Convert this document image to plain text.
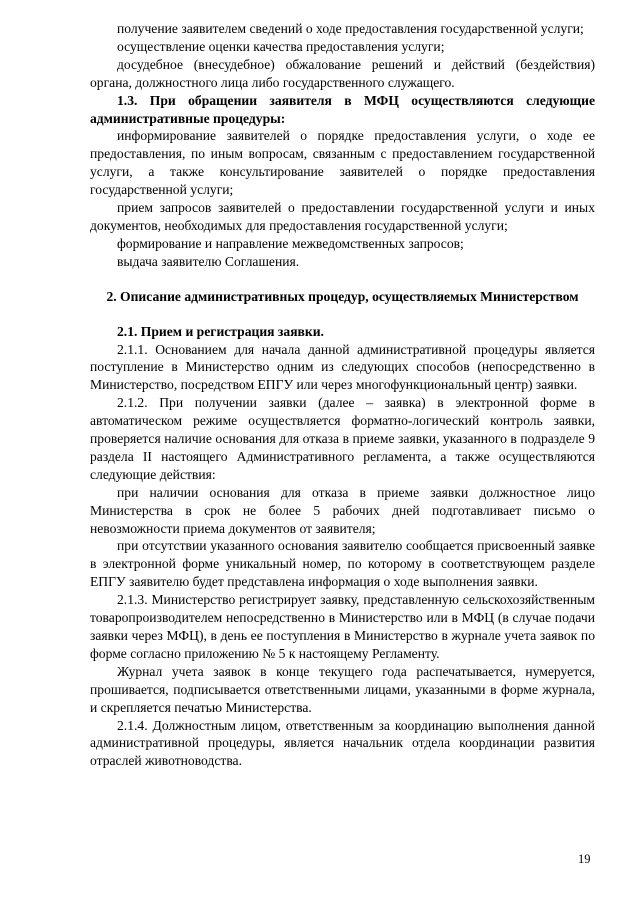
получение заявителем сведений о ходе предоставления государственной услуги;

осуществление оценки качества предоставления услуги;

досудебное (внесудебное) обжалование решений и действий (бездействия) органа, должностного лица либо государственного служащего.

1.3. При обращении заявителя в МФЦ осуществляются следующие административные процедуры:

информирование заявителей о порядке предоставления услуги, о ходе ее предоставления, по иным вопросам, связанным с предоставлением государственной услуги, а также консультирование заявителей о порядке предоставления государственной услуги;

прием запросов заявителей о предоставлении государственной услуги и иных документов, необходимых для предоставления государственной услуги;

формирование и направление межведомственных запросов;

выдача заявителю Соглашения.

2. Описание административных процедур, осуществляемых Министерством

2.1. Прием и регистрация заявки.

2.1.1. Основанием для начала данной административной процедуры является поступление в Министерство одним из следующих способов (непосредственно в Министерство, посредством ЕПГУ или через многофункциональный центр) заявки.

2.1.2. При получении заявки (далее – заявка) в электронной форме в автоматическом режиме осуществляется форматно-логический контроль заявки, проверяется наличие основания для отказа в приеме заявки, указанного в подразделе 9 раздела II настоящего Административного регламента, а также осуществляются следующие действия:

при наличии основания для отказа в приеме заявки должностное лицо Министерства в срок не более 5 рабочих дней подготавливает письмо о невозможности приема документов от заявителя;

при отсутствии указанного основания заявителю сообщается присвоенный заявке в электронной форме уникальный номер, по которому в соответствующем разделе ЕПГУ заявителю будет представлена информация о ходе выполнения заявки.

2.1.3. Министерство регистрирует заявку, представленную сельскохозяйственным товаропроизводителем непосредственно в Министерство или в МФЦ (в случае подачи заявки через МФЦ), в день ее поступления в Министерство в журнале учета заявок по форме согласно приложению № 5 к настоящему Регламенту.

Журнал учета заявок в конце текущего года распечатывается, нумеруется, прошивается, подписывается ответственными лицами, указанными в форме журнала, и скрепляется печатью Министерства.

2.1.4. Должностным лицом, ответственным за координацию выполнения данной административной процедуры, является начальник отдела координации развития отраслей животноводства.

19
